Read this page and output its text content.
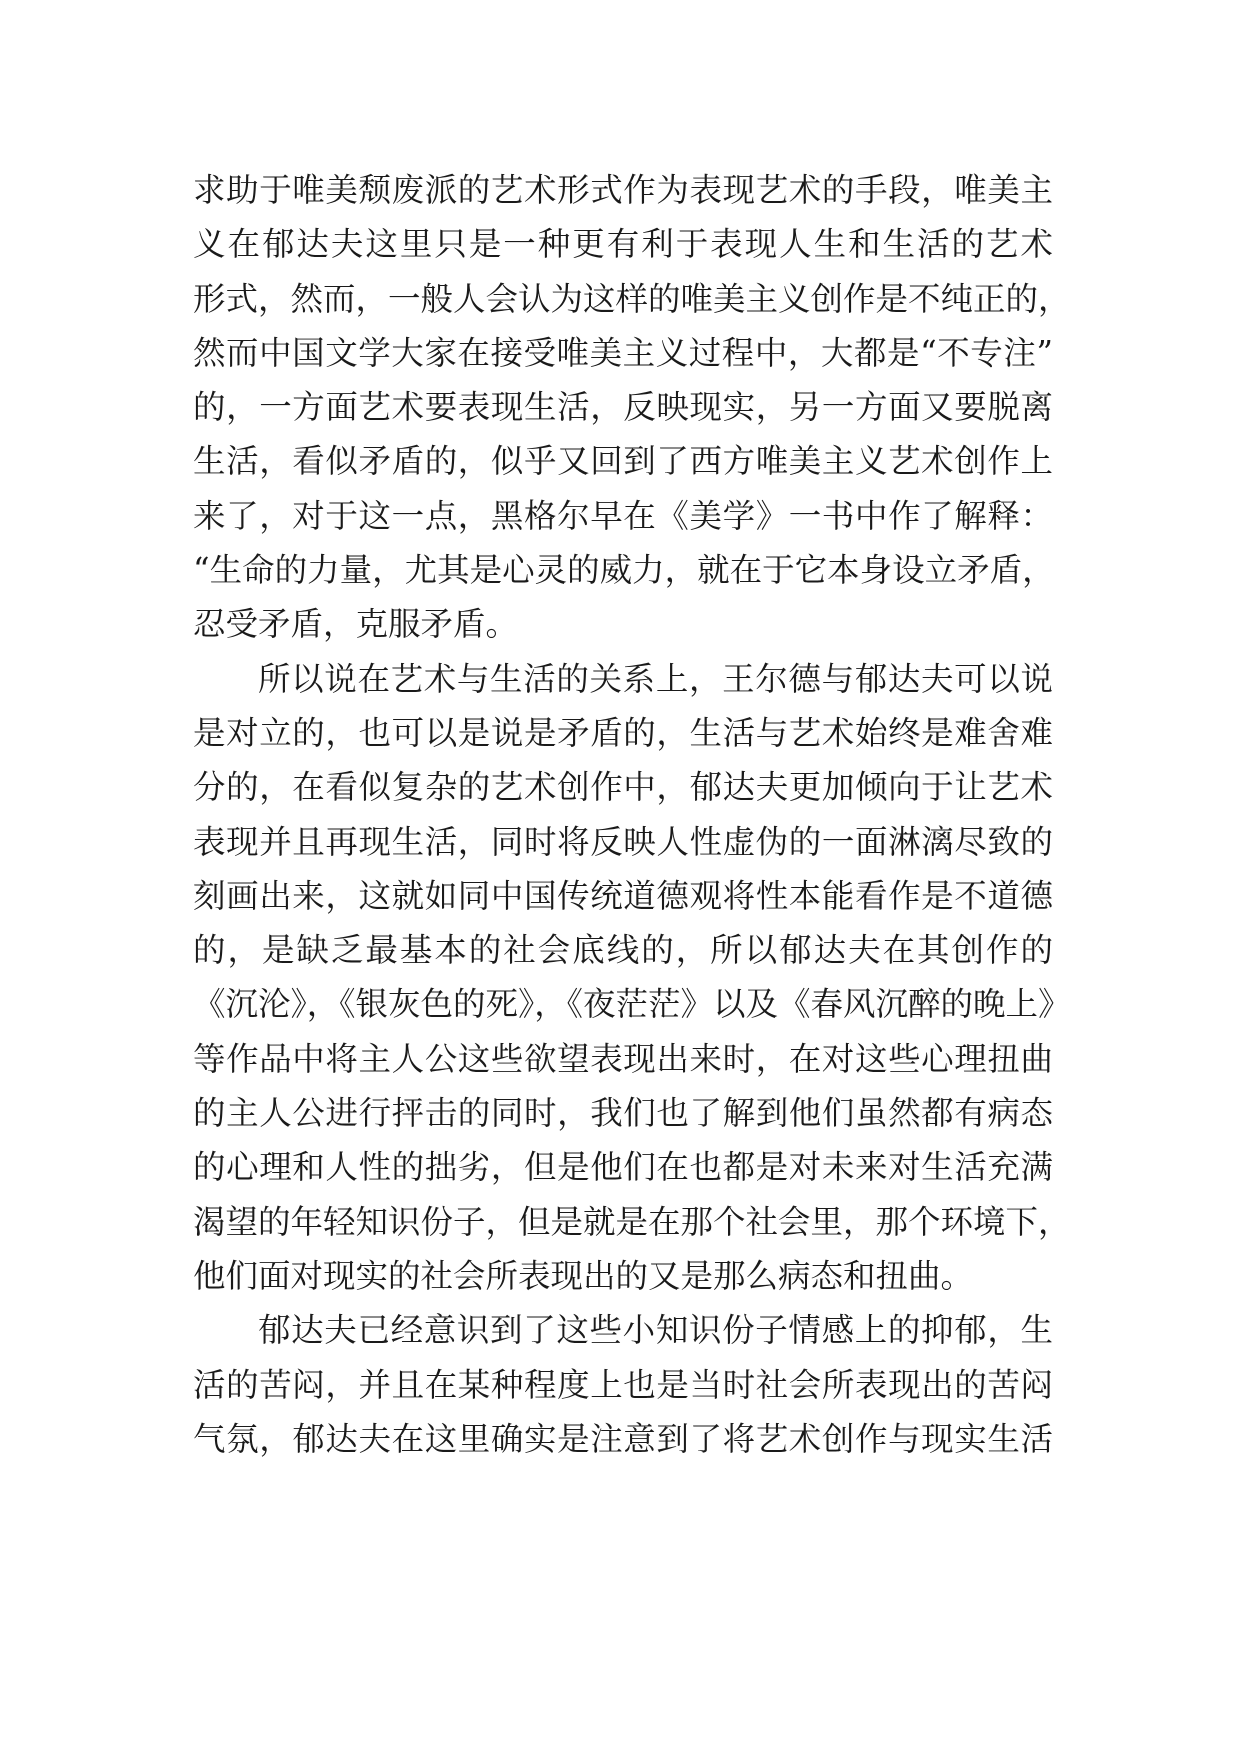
求助于唯美颓废派的艺术形式作为表现艺术的手段，唯美主
义在郁达夫这里只是一种更有利于表现人生和生活的艺术
形式，然而，一般人会认为这样的唯美主义创作是不纯正的，
然而中国文学大家在接受唯美主义过程中，大都是“不专注”
的，一方面艺术要表现生活，反映现实，另一方面又要脱离
生活，看似矛盾的，似乎又回到了西方唯美主义艺术创作上
来了，对于这一点，黑格尔早在《美学》一书中作了解释：
“生命的力量，尤其是心灵的威力，就在于它本身设立矛盾，
忍受矛盾，克服矛盾。
所以说在艺术与生活的关系上，王尔德与郁达夫可以说
是对立的，也可以是说是矛盾的，生活与艺术始终是难舍难
分的，在看似复杂的艺术创作中，郁达夫更加倾向于让艺术
表现并且再现生活，同时将反映人性虚伪的一面淋漓尽致的
刻画出来，这就如同中国传统道德观将性本能看作是不道德
的，是缺乏最基本的社会底线的，所以郁达夫在其创作的
《沉沦》，《银灰色的死》，《夜茫茫》以及《春风沉醉的晚上》
等作品中将主人公这些欲望表现出来时，在对这些心理扭曲
的主人公进行抨击的同时，我们也了解到他们虽然都有病态
的心理和人性的拙劣，但是他们在也都是对未来对生活充满
渴望的年轻知识份子，但是就是在那个社会里，那个环境下，
他们面对现实的社会所表现出的又是那么病态和扭曲。
郁达夫已经意识到了这些小知识份子情感上的抑郁，生
活的苦闷，并且在某种程度上也是当时社会所表现出的苦闷
气氛，郁达夫在这里确实是注意到了将艺术创作与现实生活
